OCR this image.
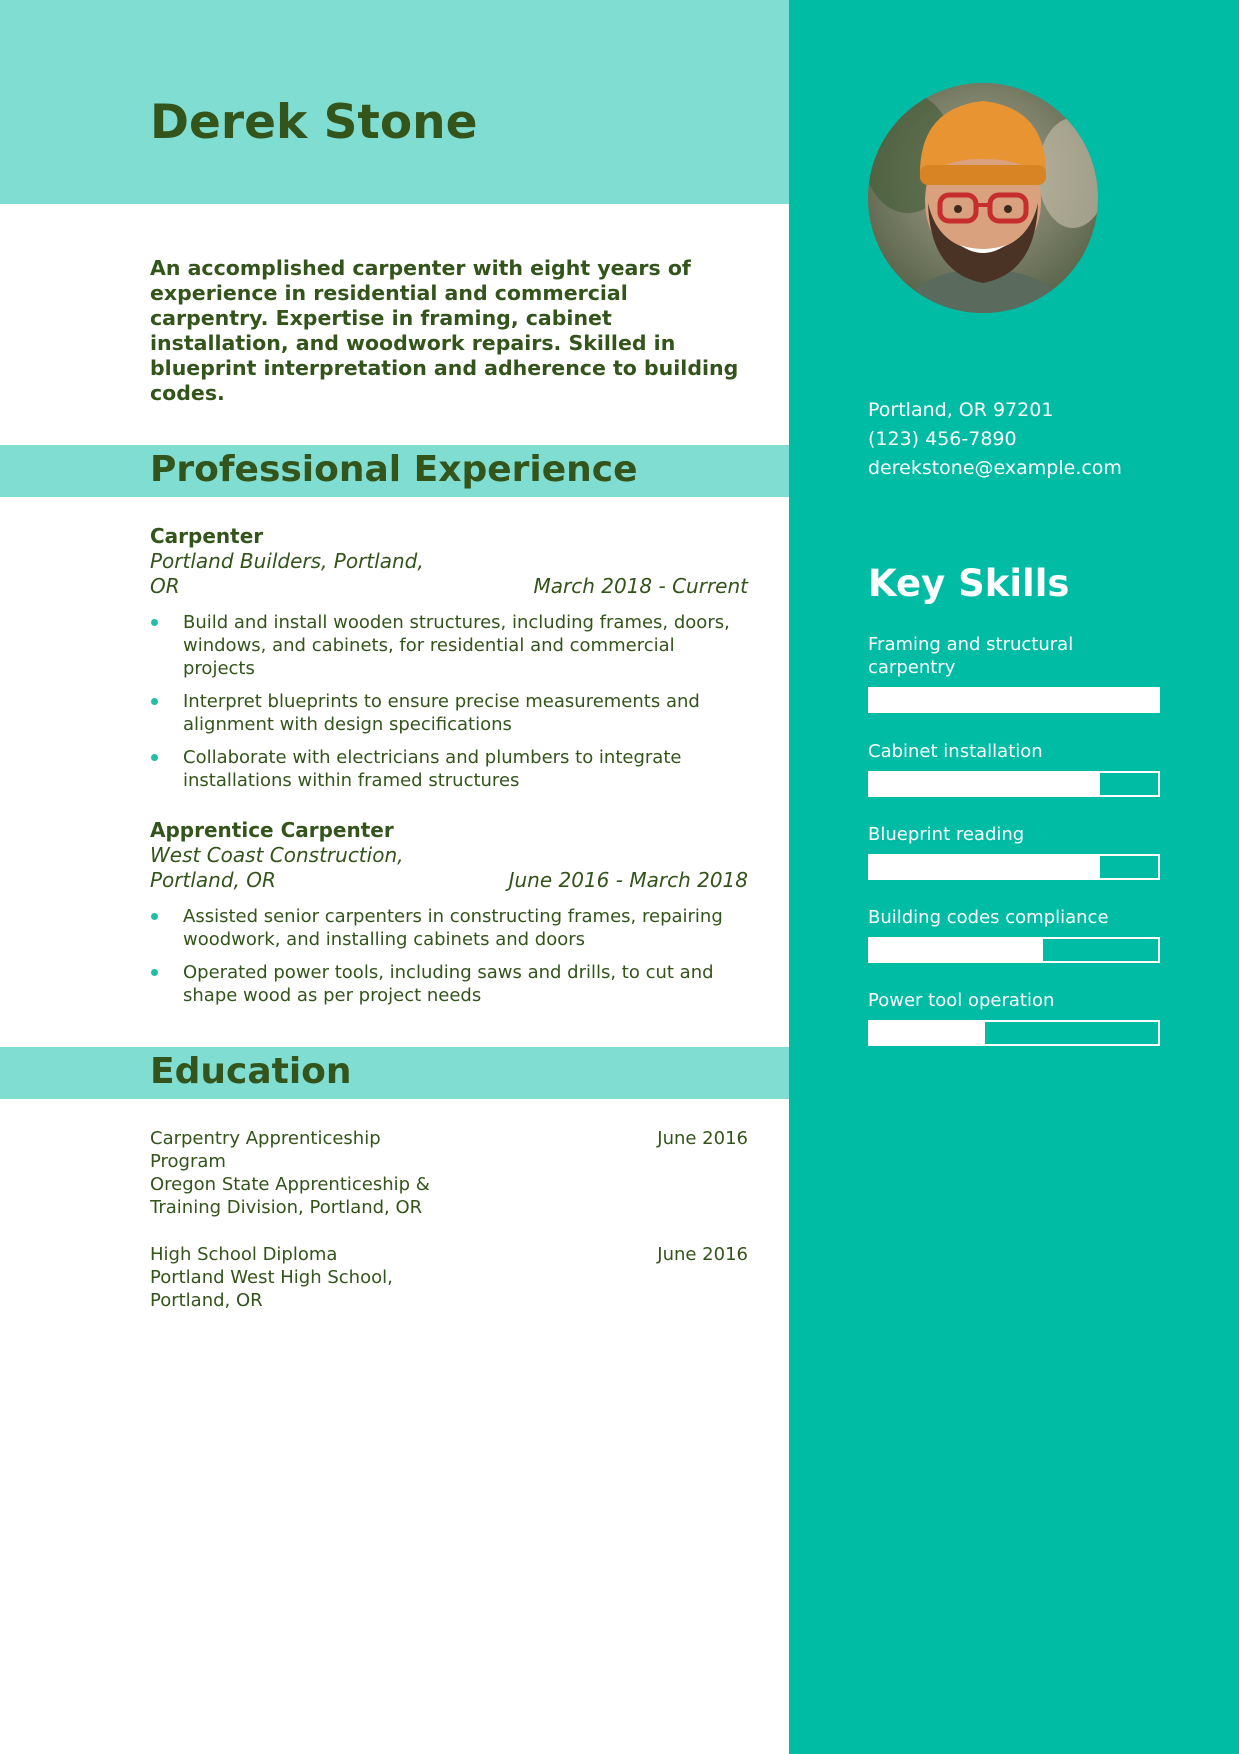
Derek Stone

An accomplished carpenter with eight years of experience in residential and commercial carpentry. Expertise in framing, cabinet installation, and woodwork repairs. Skilled in blueprint interpretation and adherence to building codes.

Professional Experience
Carpenter
Portland Builders, Portland, OR	March 2018 - Current
Build and install wooden structures, including frames, doors, windows, and cabinets, for residential and commercial projects
Interpret blueprints to ensure precise measurements and alignment with design specifications
Collaborate with electricians and plumbers to integrate installations within framed structures
Apprentice Carpenter
West Coast Construction, Portland, OR	June 2016 - March 2018
Assisted senior carpenters in constructing frames, repairing woodwork, and installing cabinets and doors
Operated power tools, including saws and drills, to cut and shape wood as per project needs
Education
Carpentry Apprenticeship Program
Oregon State Apprenticeship & Training Division, Portland, OR
June 2016
High School Diploma
Portland West High School, Portland, OR
June 2016
Portland, OR 97201
(123) 456-7890
derekstone@example.com
Key Skills
Framing and structural carpentry
Cabinet installation
Blueprint reading
Building codes compliance
Power tool operation
